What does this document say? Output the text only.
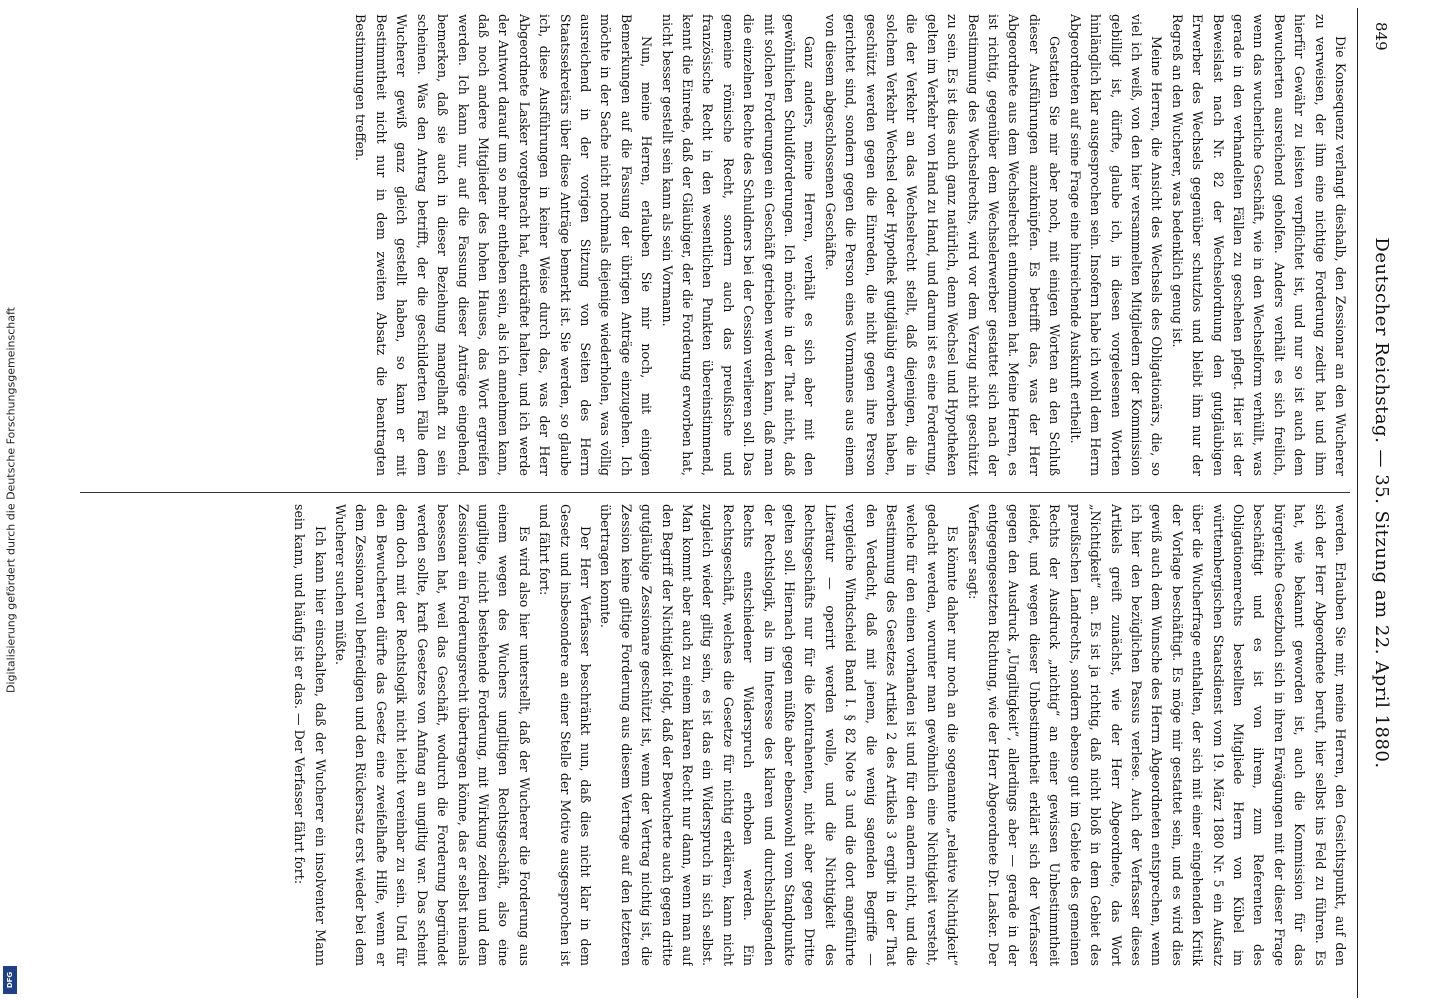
Digitalisierung gefördert durch die Deutsche Forschungsgemeinschaft
DFG
849
Deutscher Reichstag. — 35. Sitzung am 22. April 1880.

Die Konsequenz verlangt dieshalb, den Zessionar an den Wucherer zu verweisen, der ihm eine nichtige Forderung zedirt hat und ihm hierfür Gewähr zu leisten verpflichtet ist, und nur so ist auch dem Bewucherten ausreichend geholfen. Anders verhält es sich freilich, wenn das wucherliche Geschäft, wie in den Wechselform verhüllt, was gerade in den verhandelten Fällen zu geschehen pflegt. Hier ist der Beweislast nach Nr. 82 der Wechselordnung den gutgläubigen Erwerber des Wechsels gegenüber schutzlos und bleibt ihm nur der Regreß an den Wucherer, was bedenklich genug ist.

Meine Herren, die Ansicht des Wechsels des Obligationärs, die, so viel ich weiß, von den hier versammelten Mitgliedern der Kommission gebilligt ist, dürfte, glaube ich, in diesen vorgelesenen Worten hinlänglich klar ausgesprochen sein. Insofern habe ich wohl dem Herrn Abgeordneten auf seine Frage eine hinreichende Auskunft ertheilt.

Gestatten Sie mir aber noch, mit einigen Worten an den Schluß dieser Ausführungen anzuknüpfen. Es betrifft das, was der Herr Abgeordnete aus dem Wechselrecht entnommen hat. Meine Herren, es ist richtig, gegenüber dem Wechselerwerber gestattet sich nach der Bestimmung des Wechselrechts, wird vor dem Verzug nicht geschützt zu sein. Es ist dies auch ganz natürlich, denn Wechsel und Hypotheken gelten im Verkehr von Hand zu Hand, und darum ist es eine Forderung, die der Verkehr an das Wechselrecht stellt, daß diejenigen, die in solchem Verkehr Wechsel oder Hypothek gutgläubig erworben haben, geschützt werden gegen die Einreden, die nicht gegen ihre Person gerichtet sind, sondern gegen die Person eines Vormannes aus einem von diesem abgeschlossenen Geschäfte.

Ganz anders, meine Herren, verhält es sich aber mit den gewöhnlichen Schuldforderungen. Ich möchte in der That nicht, daß mit solchen Forderungen ein Geschäft getrieben werden kann, daß man die einzelnen Rechte des Schuldners bei der Cession verlieren soll. Das gemeine römische Recht, sondern auch das preußische und französische Recht in den wesentlichen Punkten übereinstimmend, kennt die Einrede, daß der Gläubiger, der die Forderung erworben hat, nicht besser gestellt sein kann als sein Vormann.

Nun, meine Herren, erlauben Sie mir noch, mit einigen Bemerkungen auf die Fassung der übrigen Anträge einzugehen. Ich möchte in der Sache nicht nochmals diejenige wiederholen, was völlig ausreichend in der vorigen Sitzung von Seiten des Herrn Staatssekretärs über diese Anträge bemerkt ist. Sie werden, so glaube ich, diese Ausführungen in keiner Weise durch das, was der Herr Abgeordnete Lasker vorgebracht hat, entkräftet halten, und ich werde der Antwort darauf um so mehr entheben sein, als ich annehmen kann, daß noch andere Mitglieder des hohen Hauses, das Wort ergreifen werden. Ich kann nur, auf die Fassung dieser Anträge eingehend, bemerken, daß sie auch in dieser Beziehung mangelhaft zu sein scheinen. Was den Antrag betrifft, der die geschilderten Fälle dem Wucherer gewiß ganz gleich gestellt haben, so kann er mit Bestimmtheit nicht nur in dem zweiten Absatz die beantragten Bestimmungen treffen.

werden. Erlauben Sie mir, meine Herren, den Gesichtspunkt, auf den sich der Herr Abgeordnete beruft, hier selbst ins Feld zu führen. Es hat, wie bekannt geworden ist, auch die Kommission für das bürgerliche Gesetzbuch sich in ihren Erwägungen mit der dieser Frage beschäftigt und es ist von ihrem, zum Referenten des Obligationenrechts bestellten Mitgliede Herrn von Kübel im württembergischen Staatsdienst vom 19. März 1880 Nr. 5 ein Aufsatz über die Wucherfrage enthalten, der sich mit einer eingehenden Kritik der Vorlage beschäftigt. Es möge mir gestattet sein, und es wird dies gewiß auch dem Wunsche des Herrn Abgeordneten entsprechen, wenn ich hier den bezüglichen Passus verlese. Auch der Verfasser dieses Artikels greift zunächst, wie der Herr Abgeordnete, das Wort „Nichtigkeit“ an. Es ist ja richtig, daß nicht bloß in dem Gebiet des preußischen Landrechts, sondern ebenso gut im Gebiete des gemeinen Rechts der Ausdruck „nichtig“ an einer gewissen Unbestimmtheit leidet, und wegen dieser Unbestimmtheit erklärt sich der Verfasser gegen den Ausdruck „Ungiltigkeit“, allerdings aber — gerade in der entgegengesetzten Richtung, wie der Herr Abgeordnete Dr. Lasker. Der Verfasser sagt:

Es könnte daher nur noch an die sogenannte „relative Nichtigkeit“ gedacht werden, worunter man gewöhnlich eine Nichtigkeit versteht, welche für den einen vorhanden ist und für den andern nicht, und die Bestimmung des Gesetzes Artikel 2 des Artikels 3 ergibt in der That den Verdacht, daß mit jenem, die wenig sagenden Begriffe — vergleiche Windscheid Band I. § 82 Note 3 und die dort angeführte Literatur — operirt werden wolle, und die Nichtigkeit des Rechtsgeschäfts nur für die Kontrahenten, nicht aber gegen Dritte gelten soll. Hiernach gegen müßte aber ebensowohl vom Standpunkte der Rechtslogik, als im Interesse des klaren und durchschlagenden Rechts entschiedener Widerspruch erhoben werden. Ein Rechtsgeschäft, welches die Gesetze für nichtig erklären, kann nicht zugleich wieder giltig sein, es ist das ein Widerspruch in sich selbst. Man kommt aber auch zu einem klaren Recht nur dann, wenn man auf den Begriff der Nichtigkeit folgt, daß der Bewucherte auch gegen dritte gutgläubige Zessionare geschützt ist, wenn der Vertrag nichtig ist, die Zession keine giltige Forderung aus diesem Vertrage auf den letzteren übertragen konnte.

Der Herr Verfasser beschränkt nun, daß dies nicht klar in dem Gesetz und insbesondere an einer Stelle der Motive ausgesprochen ist und fährt fort:

Es wird also hier unterstellt, daß der Wucherer die Forderung aus einem wegen des Wuchers ungiltigen Rechtsgeschäft, also eine ungiltige, nicht bestehende Forderung, mit Wirkung zediren und dem Zessionar ein Forderungsrecht übertragen könne, das er selbst niemals besessen hat, weil das Geschäft, wodurch die Forderung begründet werden sollte, kraft Gesetzes von Anfang an ungiltig war. Das scheint dem doch mit der Rechtslogik nicht leicht vereinbar zu sein. Und für den Bewucherten dürfte das Gesetz eine zweifelhafte Hilfe, wenn er dem Zessionar voll befriedigen und den Rückersatz erst wieder bei dem Wucherer suchen müßte.

Ich kann hier einschalten, daß der Wucherer ein insolventer Mann sein kann, und häufig ist er das. — Der Verfasser fährt fort:
